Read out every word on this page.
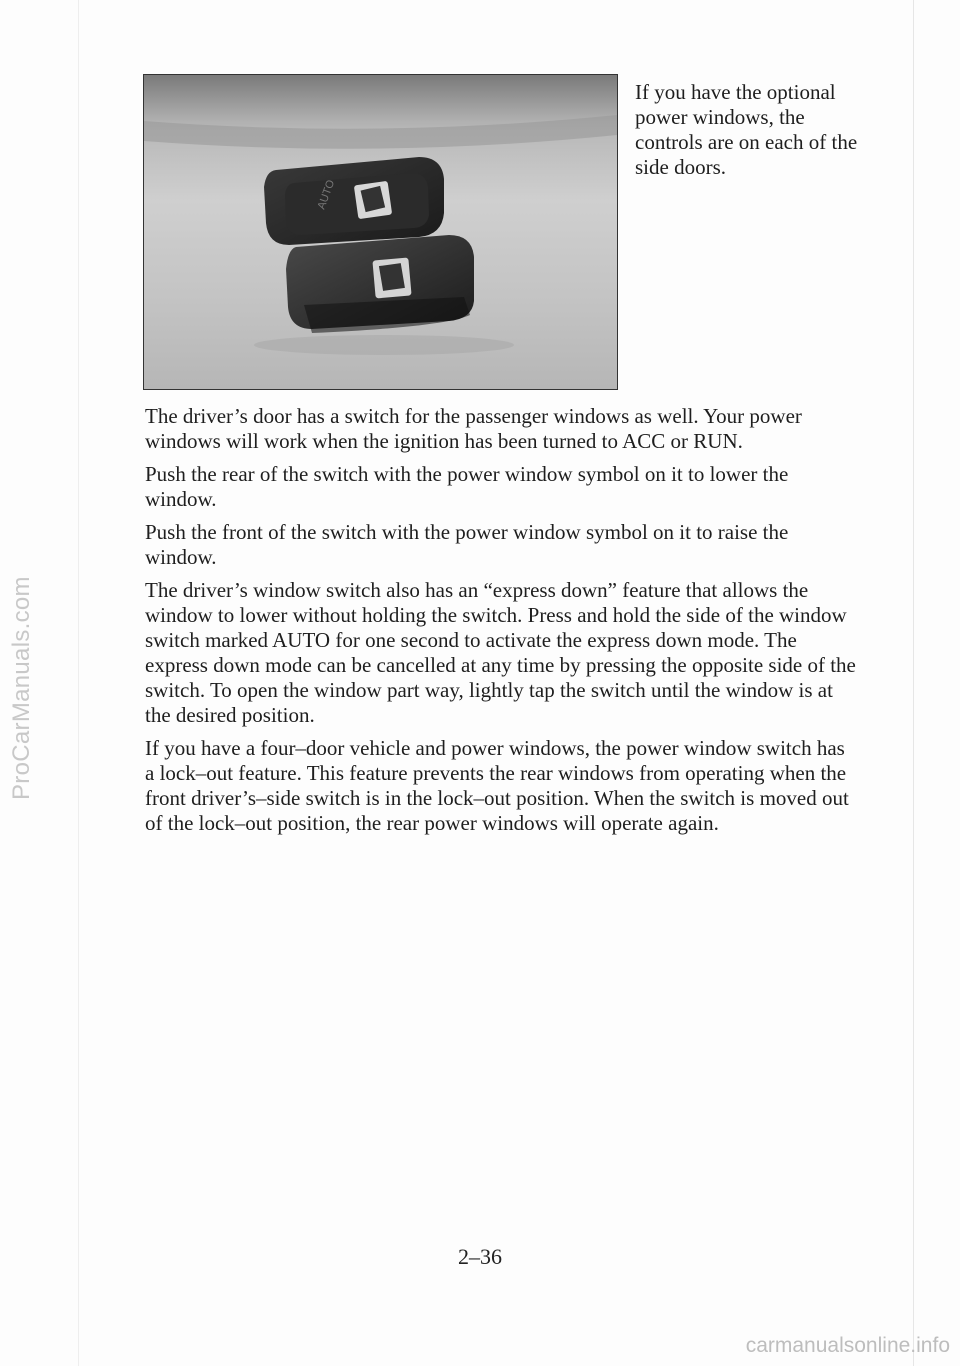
AUTO
If you have the optional power windows, the controls are on each of the side doors.

The driver’s door has a switch for the passenger windows as well. Your power windows will work when the ignition has been turned to ACC or RUN.

Push the rear of the switch with the power window symbol on it to lower the window.

Push the front of the switch with the power window symbol on it to raise the window.

The driver’s window switch also has an “express down” feature that allows the window to lower without holding the switch. Press and hold the side of the window switch marked AUTO for one second to activate the express down mode. The express down mode can be cancelled at any time by pressing the opposite side of the switch. To open the window part way, lightly tap the switch until the window is at the desired position.

If you have a four–door vehicle and power windows, the power window switch has a lock–out feature. This feature prevents the rear windows from operating when the front driver’s–side switch is in the lock–out position. When the switch is moved out of the lock–out position, the rear power windows will operate again.

2–36
ProCarManuals.com
carmanualsonline.info
